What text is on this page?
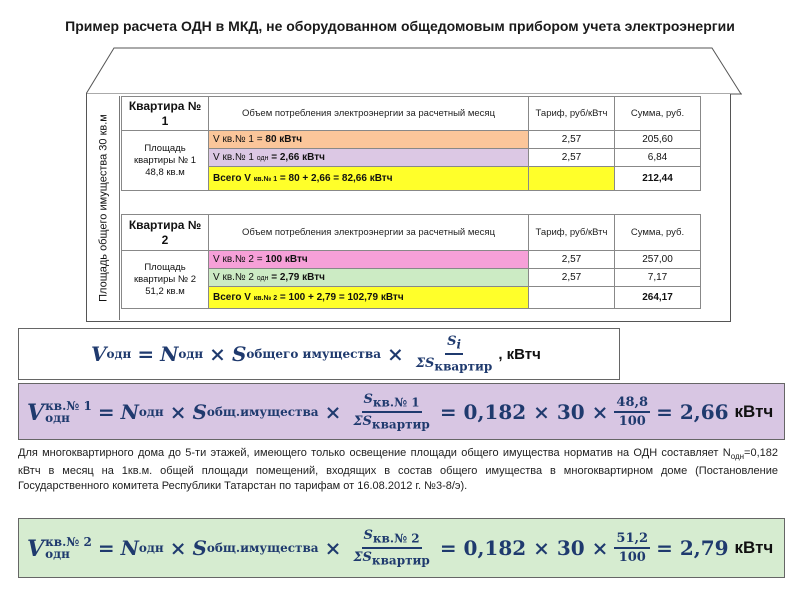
Пример расчета ОДН в МКД, не оборудованном общедомовым прибором учета электроэнергии
Площадь общего имущества 30 кв.м
Квартира № 1	Объем потребления электроэнергии за расчетный месяц	Тариф, руб/кВтч	Сумма, руб.
Площадь квартиры № 1 48,8 кв.м	V кв.№ 1 = 80 кВтч	2,57	205,60
	V кв.№ 1 одн = 2,66 кВтч	2,57	6,84
	Всего V кв.№ 1 = 80 + 2,66 = 82,66 кВтч		212,44
Квартира № 2	Объем потребления электроэнергии за расчетный месяц	Тариф, руб/кВтч	Сумма, руб.
Площадь квартиры № 2 51,2 кв.м	V кв.№ 2 = 100 кВтч	2,57	257,00
	V кв.№ 2 одн = 2,79 кВтч	2,57	7,17
	Всего V кв.№ 2 = 100 + 2,79 = 102,79 кВтч		264,17
V одн = N одн × S общего имущества × $\frac{S_i}{\Sigma S_{квартир}}$ , кВтч
V кв.№ 1
одн	= N одн × S общ.имущества × $\frac{S_{кв.№ 1}}{\Sigma S_{квартир}} = 0,182 \times 30 \times \frac{48,8}{100} = 2,66$ кВтч
Для многоквартирного дома до 5-ти этажей, имеющего только освещение площади общего имущества норматив на ОДН составляет $N_{одн}=0,182$ кВтч в месяц на 1кв.м. общей площади помещений, входящих в состав общего имущества в многоквартирном доме (Постановление Государственного комитета Республики Татарстан по тарифам от 16.08.2012 г. №3-8/э).
V кв.№ 2
одн	= N одн × S общ.имущества × $\frac{S_{кв.№ 2}}{\Sigma S_{квартир}} = 0,182 \times 30 \times \frac{51,2}{100} = 2,79$ кВтч
